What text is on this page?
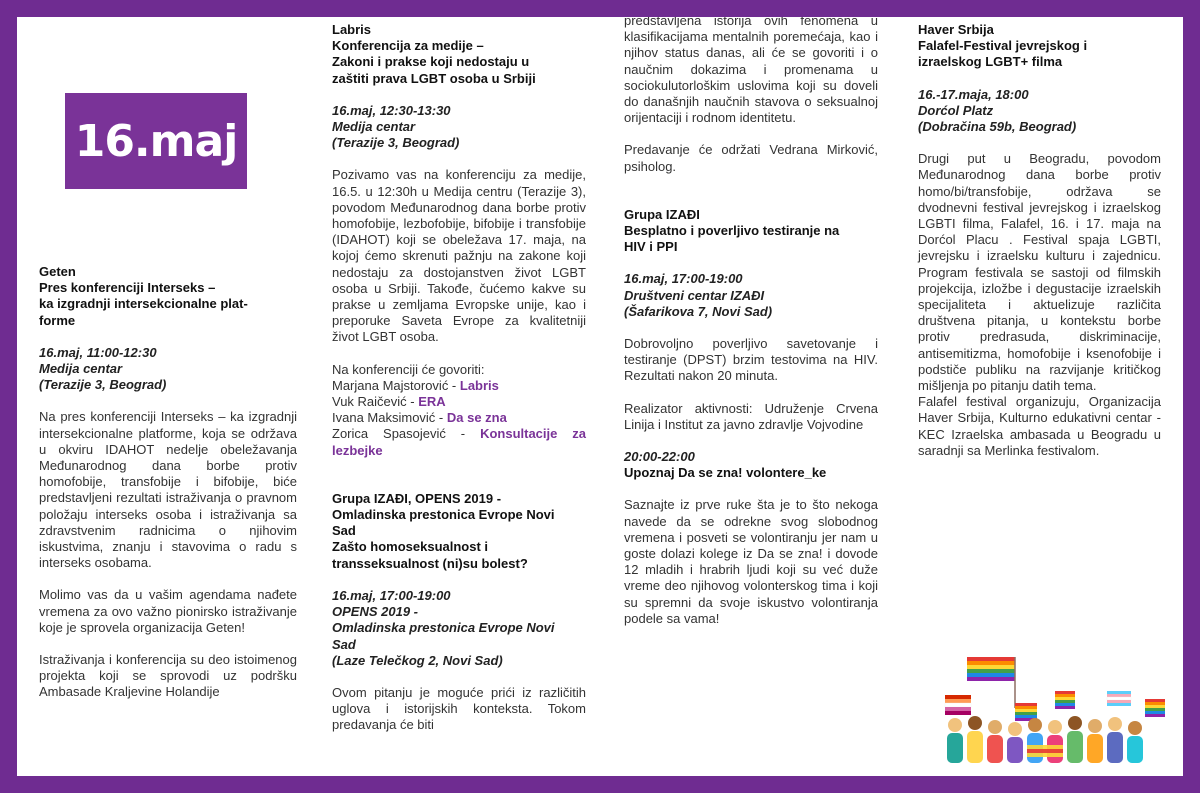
16.maj
Geten
Pres konferenciji Interseks –
ka izgradnji intersekcionalne plat-
forme
16.maj, 11:00-12:30
Medija centar
(Terazije 3, Beograd)

Na pres konferenciji Interseks – ka izgradnji intersekcionalne platforme, koja se održava u okviru IDAHOT nedelje obeležavanja Međunarodnog dana borbe protiv homofobije, transfobije i bifobije, biće predstavljeni rezultati istraživanja o pravnom položaju interseks osoba i istraživanja sa zdravstvenim radnicima o njihovim iskustvima, znanju i stavovima o radu s interseks osobama.

Molimo vas da u vašim agendama nađete vremena za ovo važno pionirsko istraživanje koje je sprovela organizacija Geten!

Istraživanja i konferencija su deo istoimenog projekta koji se sprovodi uz podršku Ambasade Kraljevine Holandije

Labris
Konferencija za medije –
Zakoni i prakse koji nedostaju u
zaštiti prava LGBT osoba u Srbiji
16.maj, 12:30-13:30
Medija centar
(Terazije 3, Beograd)

Pozivamo vas na konferenciju za medije, 16.5. u 12:30h u Medija centru (Terazije 3), povodom Međunarodnog dana borbe protiv homofobije, lezbofobije, bifobije i transfobije (IDAHOT) koji se obeležava 17. maja, na kojoj ćemo skrenuti pažnju na zakone koji nedostaju za dostojanstven život LGBT osoba u Srbiji. Takođe, čućemo kakve su prakse u zemljama Evropske unije, kao i preporuke Saveta Evrope za kvalitetniji život LGBT osoba.

Na konferenciji će govoriti:

Marjana Majstorović - Labris
Vuk Raičević - ERA
Ivana Maksimović - Da se zna
Zorica Spasojević - Konsultacije za lezbejke
Grupa IZAĐI, OPENS 2019 -
Omladinska prestonica Evrope Novi
Sad
Zašto homoseksualnost i
transseksualnost (ni)su bolest?
16.maj, 17:00-19:00
OPENS 2019 -
Omladinska prestonica Evrope Novi
Sad
(Laze Telečkog 2, Novi Sad)

Ovom pitanju je moguće prići iz različitih uglova i istorijskih konteksta. Tokom predavanja će biti

predstavljena istorija ovih fenomena u klasifikacijama mentalnih poremećaja, kao i njihov status danas, ali će se govoriti i o naučnim dokazima i promenama u sociokulutorloškim uslovima koji su doveli do današnjih naučnih stavova o seksualnoj orijentaciji i rodnom identitetu.

Predavanje će održati Vedrana Mirković, psiholog.

Grupa IZAĐI
Besplatno i poverljivo testiranje na
HIV i PPI
16.maj, 17:00-19:00
Društveni centar IZAĐI
(Šafarikova 7, Novi Sad)

Dobrovoljno poverljivo savetovanje i testiranje (DPST) brzim testovima na HIV. Rezultati nakon 20 minuta.

Realizator aktivnosti: Udruženje Crvena Linija i Institut za javno zdravlje Vojvodine

20:00-22:00
Upoznaj Da se zna! volontere_ke

Saznajte iz prve ruke šta je to što nekoga navede da se odrekne svog slobodnog vremena i posveti se volontiranju jer nam u goste dolazi kolege iz Da se zna! i dovode 12 mladih i hrabrih ljudi koji su već duže vreme deo njihovog volonterskog tima i koji su spremni da svoje iskustvo volontiranja podele sa vama!

Haver Srbija
Falafel-Festival jevrejskog i
izraelskog LGBT+ filma
16.-17.maja, 18:00
Dorćol Platz
(Dobračina 59b, Beograd)

Drugi put u Beogradu, povodom Međunarodnog dana borbe protiv homo/bi/transfobije, održava se dvodnevni festival jevrejskog i izraelskog LGBTI filma, Falafel, 16. i 17. maja na Dorćol Placu . Festival spaja LGBTI, jevrejsku i izraelsku kulturu i zajednicu. Program festivala se sastoji od filmskih projekcija, izložbe i degustacije izraelskih specijaliteta i aktuelizuje različita društvena pitanja, u kontekstu borbe protiv predrasuda, diskriminacije, antisemitizma, homofobije i ksenofobije i podstiče publiku na razvijanje kritičkog mišljenja po pitanju datih tema.

Falafel festival organizuju, Organizacija Haver Srbija, Kulturno edukativni centar - KEC Izraelska ambasada u Beogradu u saradnji sa Merlinka festivalom.
